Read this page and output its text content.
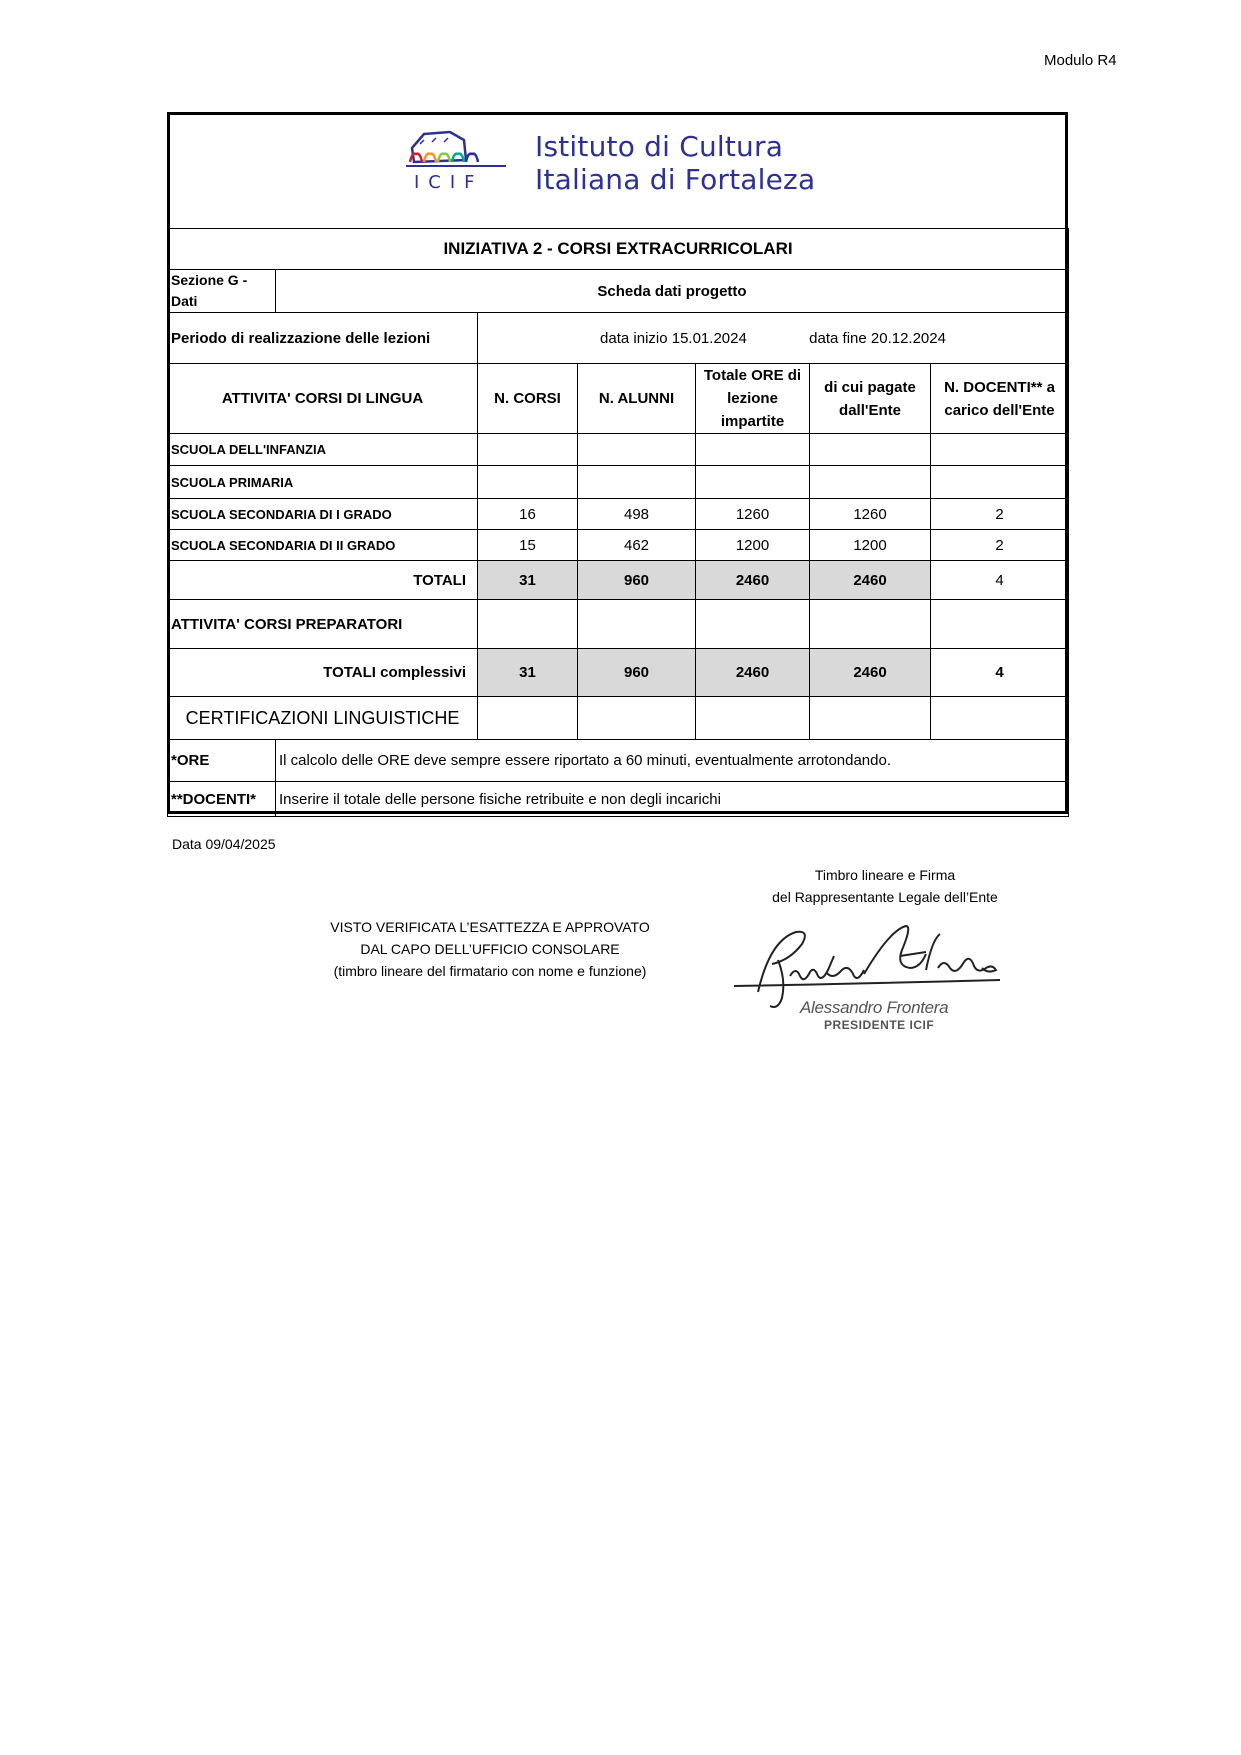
Modulo R4
ICIF
Istituto di Cultura
Italiana di Fortaleza
INIZIATIVA 2 - CORSI EXTRACURRICOLARI						
Sezione G - Dati	Scheda dati progetto					
Periodo di realizzazione delle lezioni		data inizio 15.01.2024 data fine 20.12.2024				
ATTIVITA' CORSI DI LINGUA		N. CORSI	N. ALUNNI	Totale ORE di lezione impartite	di cui pagate dall'Ente	N. DOCENTI** a carico dell'Ente
SCUOLA DELL'INFANZIA						
SCUOLA PRIMARIA						
SCUOLA SECONDARIA DI I GRADO		16	498	1260	1260	2
SCUOLA SECONDARIA DI II GRADO		15	462	1200	1200	2
TOTALI		31	960	2460	2460	4
ATTIVITA' CORSI PREPARATORI						
TOTALI complessivi		31	960	2460	2460	4
CERTIFICAZIONI LINGUISTICHE						
*ORE	Il calcolo delle ORE deve sempre essere riportato a 60 minuti, eventualmente arrotondando.					
**DOCENTI*	Inserire il totale delle persone fisiche retribuite e non degli incarichi					
Data 09/04/2025
Timbro lineare e Firma
del Rappresentante Legale dell’Ente
VISTO VERIFICATA L’ESATTEZZA E APPROVATO
DAL CAPO DELL’UFFICIO CONSOLARE
(timbro lineare del firmatario con nome e funzione)
Alessandro Frontera
PRESIDENTE ICIF
